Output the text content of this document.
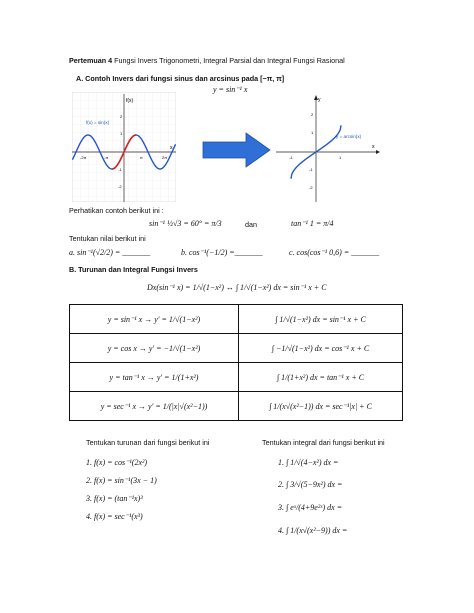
Pertemuan 4 Fungsi Invers Trigonometri, Integral Parsial dan Integral Fungsi Rasional
A. Contoh Invers dari fungsi sinus dan arcsinus pada [−π, π]
y = sin⁻¹ x
f(x)
x
f(x) = sin(x)
-2π	-π	π	2π
2
1
-1
-2
y
x
y = arcsin(x)
-1	1
2
1
-1
-2
Perhatikan contoh berikut ini :
sin⁻¹ ½√3 = 60° = π/3	dan	tan⁻¹ 1 = π/4
Tentukan nilai berikut ini
a. sin⁻¹(√2/2) = _______	b. cos⁻¹(−1/2) =_______	c. cos(cos⁻¹ 0,6) = _______
B. Turunan dan Integral Fungsi Invers
Dx(sin⁻¹ x) = 1/√(1−x²) ↔ ∫ 1/√(1−x²) dx = sin⁻¹ x + C
y = sin⁻¹ x → y′ = 1/√(1−x²)	∫ 1/√(1−x²) dx = sin⁻¹ x + C
y = cos x → y′ = −1/√(1−x²)	∫ −1/√(1−x²) dx = cos⁻¹ x + C
y = tan⁻¹ x → y′ = 1/(1+x²)	∫ 1/(1+x²) dx = tan⁻¹ x + C
y = sec⁻¹ x → y′ = 1/(|x|√(x²−1))	∫ 1/(x√(x²−1)) dx = sec⁻¹|x| + C
Tentukan turunan dari fungsi berikut ini
1. f(x) = cos⁻¹(2x²)
2. f(x) = sin⁻¹(3x − 1)
3. f(x) = (tan⁻¹x)³
4. f(x) = sec⁻¹(x³)
Tentukan integral dari fungsi berikut ini
1. ∫ 1/√(4−x²) dx =
2. ∫ 3/√(5−9x²) dx =
3. ∫ eˣ/(4+9e²ˣ) dx =
4. ∫ 1/(x√(x²−9)) dx =
